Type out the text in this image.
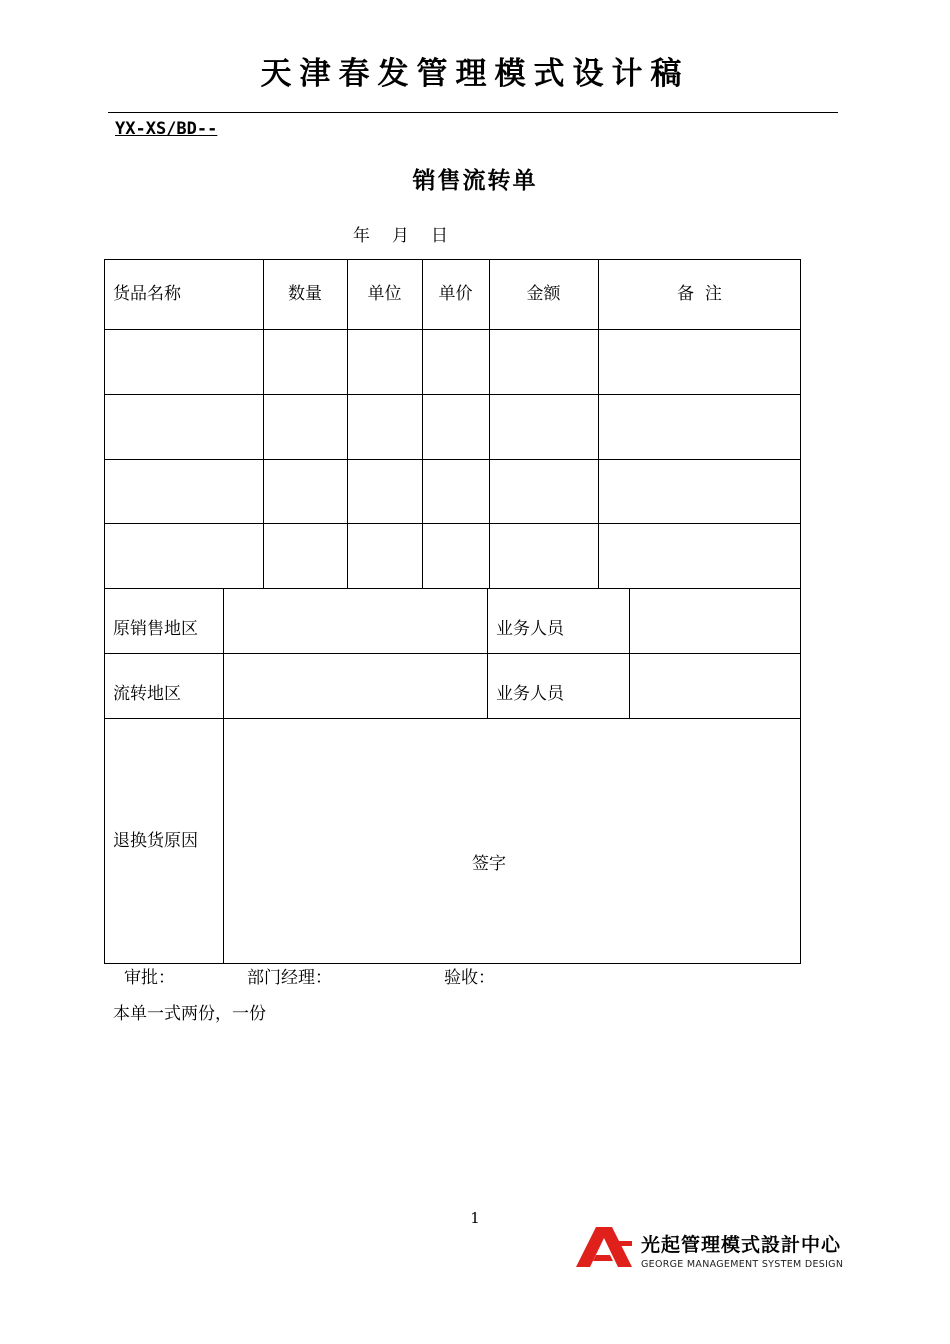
天津春发管理模式设计稿
YX-XS/BD--
销售流转单
年 月 日
货品名称	数量	单位	单价	金额	备  注
原销售地区	业务人员
流转地区	业务人员
退换货原因
签字
审批：	部门经理：	验收：
本单一式两份，一份
1
光起管理模式設計中心
GEORGE MANAGEMENT SYSTEM DESIGN
